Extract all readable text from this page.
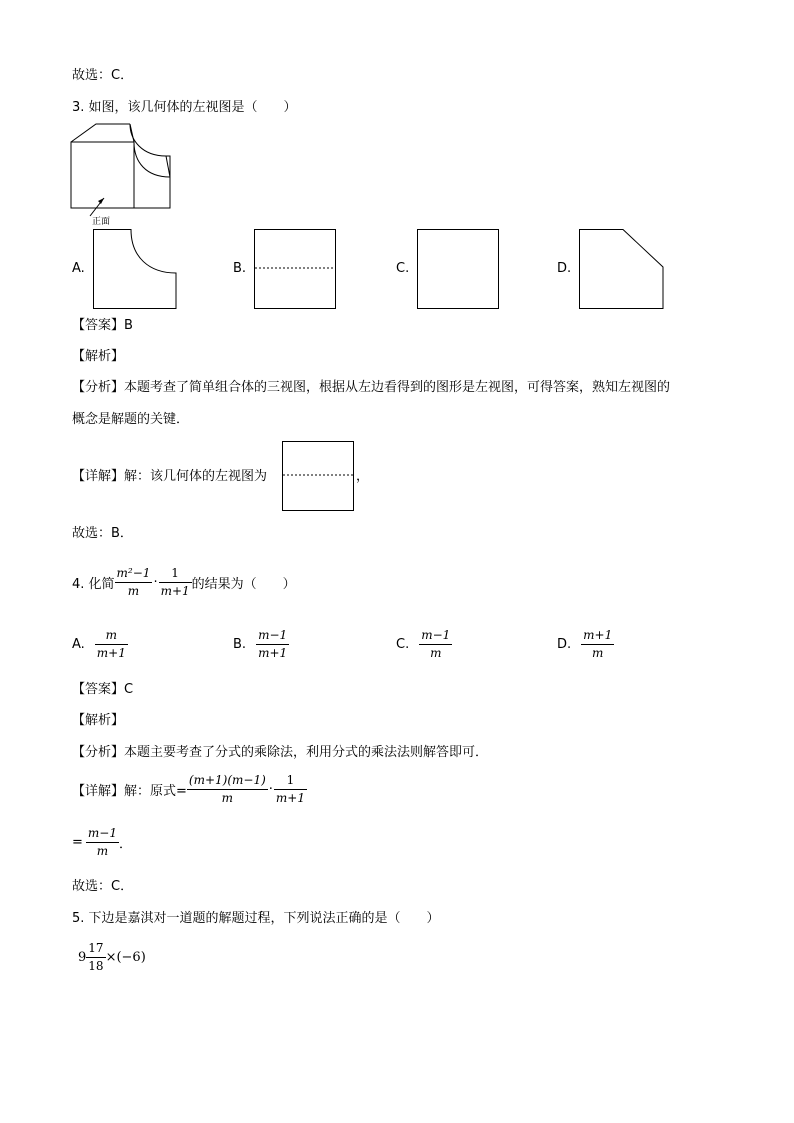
故选：C．
3. 如图，该几何体的左视图是（　　）
正面
A.	B.	C.	D.
【答案】B
【解析】
【分析】本题考查了简单组合体的三视图，根据从左边看得到的图形是左视图，可得答案，熟知左视图的
概念是解题的关键．
【详解】解：该几何体的左视图为	，
故选：B．
4. 化简 $\frac{\text{m²−1}}{m} \cdot \frac{1}{m+1}$ 的结果为（　　）
A. $\frac{m}{m+1}$	B. $\frac{m-1}{m+1}$	C. $\frac{m-1}{m}$	D. $\frac{m+1}{m}$
【答案】C
【解析】
【分析】本题主要考查了分式的乘除法，利用分式的乘法法则解答即可．
【详解】解：原式= $\frac{(m+1)(m-1)}{m} \cdot \frac{1}{m+1}$
= $\frac{m-1}{m}$ ．
故选：C．
5. 下边是嘉淇对一道题的解题过程，下列说法正确的是（　　）
$9 \frac{17}{18} \times (-6)$
